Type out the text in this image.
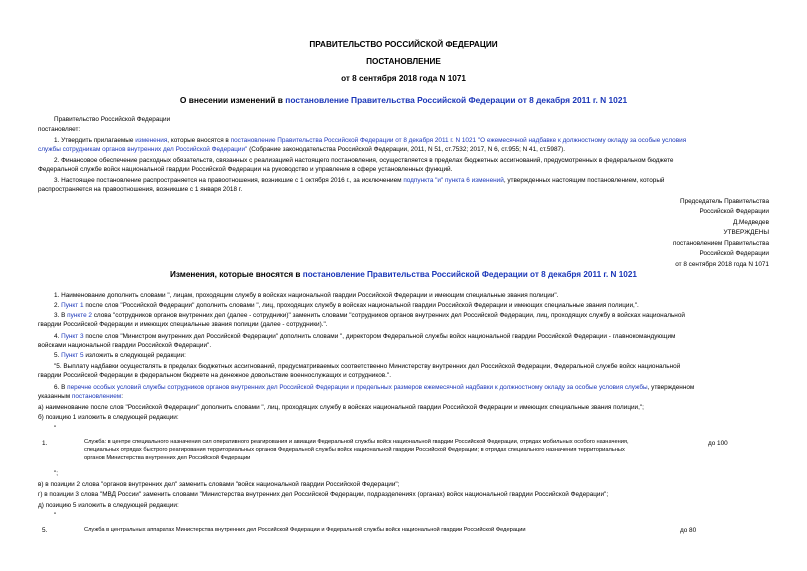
ПРАВИТЕЛЬСТВО РОССИЙСКОЙ ФЕДЕРАЦИИ
ПОСТАНОВЛЕНИЕ
от 8 сентября 2018 года N 1071
О внесении изменений в постановление Правительства Российской Федерации от 8 декабря 2011 г. N 1021
Правительство Российской Федерации
постановляет:
1. Утвердить прилагаемые изменения, которые вносятся в постановление Правительства Российской Федерации от 8 декабря 2011 г. N 1021 "О ежемесячной надбавке к должностному окладу за особые условия
службы сотрудникам органов внутренних дел Российской Федерации" (Собрание законодательства Российской Федерации, 2011, N 51, ст.7532; 2017, N 6, ст.955; N 41, ст.5987).
2. Финансовое обеспечение расходных обязательств, связанных с реализацией настоящего постановления, осуществляется в пределах бюджетных ассигнований, предусмотренных в федеральном бюджете
Федеральной службе войск национальной гвардии Российской Федерации на руководство и управление в сфере установленных функций.
3. Настоящее постановление распространяется на правоотношения, возникшие с 1 октября 2016 г., за исключением подпункта "и" пункта 6 изменений, утвержденных настоящим постановлением, который
распространяется на правоотношения, возникшие с 1 января 2018 г.
Председатель Правительства
Российской Федерации
Д.Медведев
УТВЕРЖДЕНЫ
постановлением Правительства
Российской Федерации
от 8 сентября 2018 года N 1071
Изменения, которые вносятся в постановление Правительства Российской Федерации от 8 декабря 2011 г. N 1021
1. Наименование дополнить словами ", лицам, проходящим службу в войсках национальной гвардии Российской Федерации и имеющим специальные звания полиции".
2. Пункт 1 после слов "Российской Федерации" дополнить словами ", лиц, проходящих службу в войсках национальной гвардии Российской Федерации и имеющих специальные звания полиции,".
3. В пункте 2 слова "сотрудников органов внутренних дел (далее - сотрудники)" заменить словами "сотрудников органов внутренних дел Российской Федерации, лиц, проходящих службу в войсках национальной
гвардии Российской Федерации и имеющих специальные звания полиции (далее - сотрудники).".
4. Пункт 3 после слов "Министром внутренних дел Российской Федерации" дополнить словами ", директором Федеральной службы войск национальной гвардии Российской Федерации - главнокомандующим
войсками национальной гвардии Российской Федерации".
5. Пункт 5 изложить в следующей редакции:
"5. Выплату надбавки осуществлять в пределах бюджетных ассигнований, предусматриваемых соответственно Министерству внутренних дел Российской Федерации, Федеральной службе войск национальной
гвардии Российской Федерации в федеральном бюджете на денежное довольствие военнослужащих и сотрудников.".
6. В перечне особых условий службы сотрудников органов внутренних дел Российской Федерации и предельных размеров ежемесячной надбавки к должностному окладу за особые условия службы, утвержденном
указанным постановлением:
а) наименование после слов "Российской Федерации" дополнить словами ", лиц, проходящих службу в войсках национальной гвардии Российской Федерации и имеющих специальные звания полиции,";
б) позицию 1 изложить в следующей редакции:
"
1.	Служба: в центре специального назначения сил оперативного реагирования и авиации Федеральной службы войск национальной гвардии Российской Федерации, отрядах мобильных особого назначения,
специальных отрядах быстрого реагирования территориальных органов Федеральной службы войск национальной гвардии Российской Федерации; в отрядах специального назначения территориальных
органов Министерства внутренних дел Российской Федерации
до 100
";
в) в позиции 2 слова "органов внутренних дел" заменить словами "войск национальной гвардии Российской Федерации";
г) в позиции 3 слова "МВД России" заменить словами "Министерства внутренних дел Российской Федерации, подразделениях (органах) войск национальной гвардии Российской Федерации";
д) позицию 5 изложить в следующей редакции:
"
5.	Служба в центральных аппаратах Министерства внутренних дел Российской Федерации и Федеральной службы войск национальной гвардии Российской Федерации	до 80
